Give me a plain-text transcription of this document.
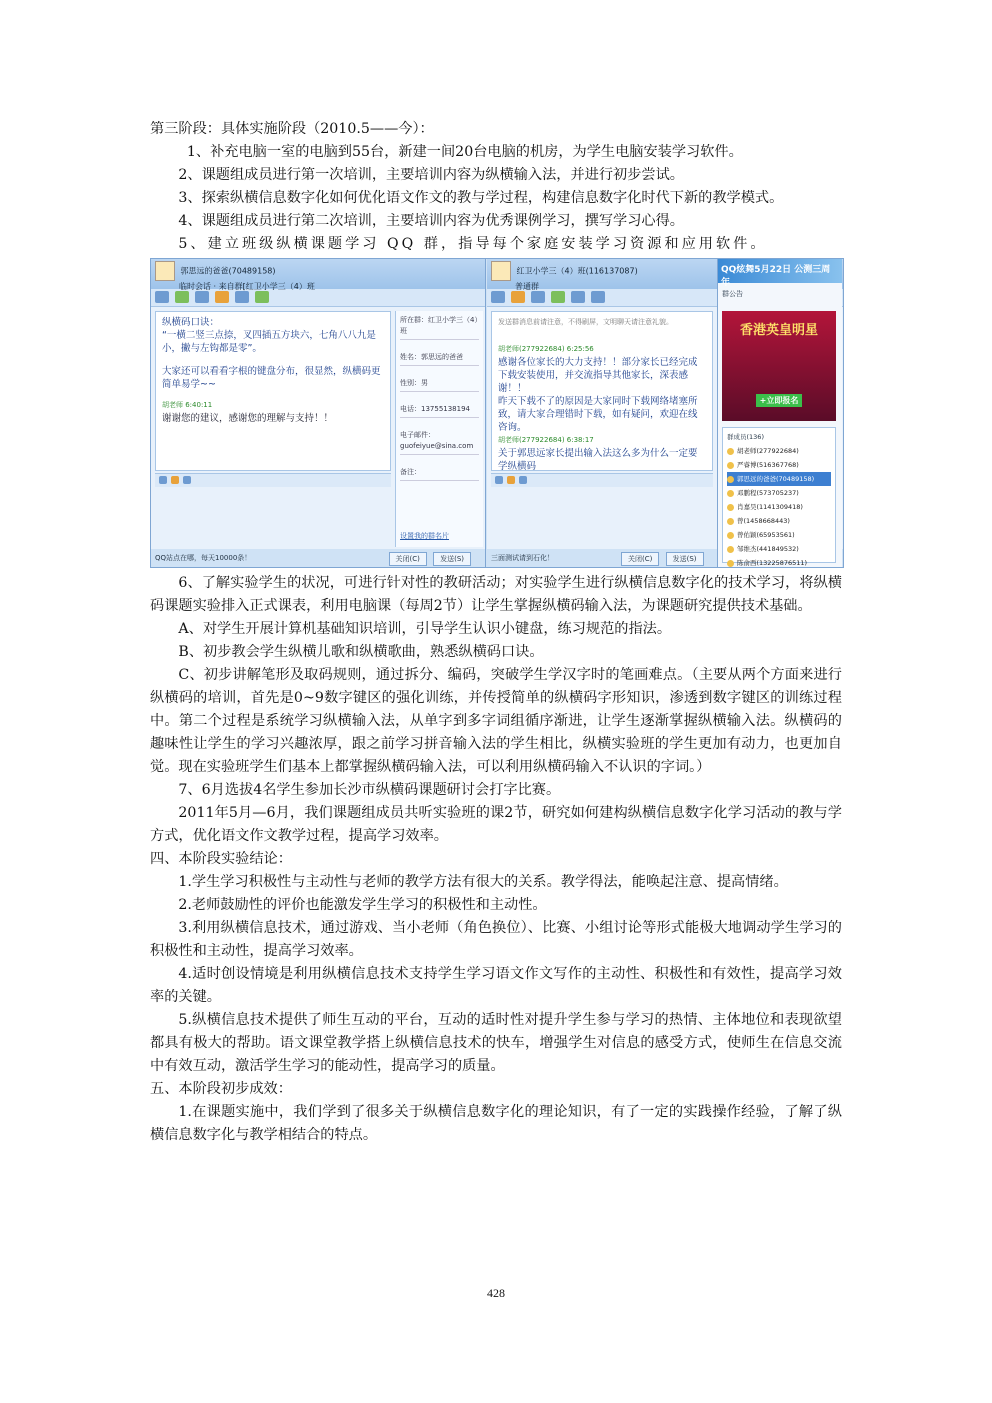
第三阶段：具体实施阶段（2010.5——今）：

1、补充电脑一室的电脑到55台，新建一间20台电脑的机房，为学生电脑安装学习软件。

2、课题组成员进行第一次培训，主要培训内容为纵横输入法，并进行初步尝试。

3、探索纵横信息数字化如何优化语文作文的教与学过程，构建信息数字化时代下新的教学模式。

4、课题组成员进行第二次培训，主要培训内容为优秀课例学习，撰写学习心得。

5、建立班级纵横课题学习 QQ 群，指导每个家庭安装学习资源和应用软件。

郭思远的爸爸(70489158)
临时会话 · 来自群[红卫小学三（4）班
纵横码口诀：
“一横二竖三点捺，叉四插五方块六，七角八八九是小，撇与左钩都是零”。
大家还可以看看字根的键盘分布，很显然，纵横码更简单易学~~
胡老师 6:40:11
谢谢您的建议，感谢您的理解与支持！！
所在群：红卫小学三（4）班
姓名：郭思远的爸爸
性别：男
电话：13755138194
电子邮件：
guofeiyue@sina.com
备注：
设置我的群名片
QQ站点在哪，每天10000条！	关闭(C)	发送(S)
红卫小学三（4）班(116137087)
普通群
发送群消息前请注意，不得刷屏，文明聊天请注意礼貌。
胡老师(277922684) 6:25:56
感谢各位家长的大力支持！！部分家长已经完成下载安装使用，并交流指导其他家长，深表感谢！！
昨天下载不了的原因是大家同时下载网络堵塞所致，请大家合理错时下载，如有疑问，欢迎在线咨询。
胡老师(277922684) 6:38:17
关于郭思远家长提出输入法这么多为什么一定要学纵横码
三面测试请到石化！	关闭(C)	发送(S)
QQ炫舞5月22日 公测三周年
群公告
香港英皇明星
+立即报名
群成员(136)
胡老师(277922684)
严睿博(516367768)
郭思远的爸爸(70489158)
邓鹏程(573705237)
肖嘉昊(1141309418)
曾(1458668443)
曾佑颖(65953561)
邹维杰(441849532)
陈俞西(13225876511)

6、了解实验学生的状况，可进行针对性的教研活动；对实验学生进行纵横信息数字化的技术学习，将纵横码课题实验排入正式课表，利用电脑课（每周2节）让学生掌握纵横码输入法，为课题研究提供技术基础。

A、对学生开展计算机基础知识培训，引导学生认识小键盘，练习规范的指法。

B、初步教会学生纵横儿歌和纵横歌曲，熟悉纵横码口诀。

C、初步讲解笔形及取码规则，通过拆分、编码，突破学生学汉字时的笔画难点。（主要从两个方面来进行纵横码的培训，首先是0~9数字键区的强化训练，并传授简单的纵横码字形知识，渗透到数字键区的训练过程中。第二个过程是系统学习纵横输入法，从单字到多字词组循序渐进，让学生逐渐掌握纵横输入法。纵横码的趣味性让学生的学习兴趣浓厚，跟之前学习拼音输入法的学生相比，纵横实验班的学生更加有动力，也更加自觉。现在实验班学生们基本上都掌握纵横码输入法，可以利用纵横码输入不认识的字词。）

7、6月选拔4名学生参加长沙市纵横码课题研讨会打字比赛。

2011年5月—6月，我们课题组成员共听实验班的课2节，研究如何建构纵横信息数字化学习活动的教与学方式，优化语文作文教学过程，提高学习效率。

四、本阶段实验结论：

1.学生学习积极性与主动性与老师的教学方法有很大的关系。教学得法，能唤起注意、提高情绪。

2.老师鼓励性的评价也能激发学生学习的积极性和主动性。

3.利用纵横信息技术，通过游戏、当小老师（角色换位）、比赛、小组讨论等形式能极大地调动学生学习的积极性和主动性，提高学习效率。

4.适时创设情境是利用纵横信息技术支持学生学习语文作文写作的主动性、积极性和有效性，提高学习效率的关键。

5.纵横信息技术提供了师生互动的平台，互动的适时性对提升学生参与学习的热情、主体地位和表现欲望都具有极大的帮助。语文课堂教学搭上纵横信息技术的快车，增强学生对信息的感受方式，使师生在信息交流中有效互动，激活学生学习的能动性，提高学习的质量。

五、本阶段初步成效：

1.在课题实施中，我们学到了很多关于纵横信息数字化的理论知识，有了一定的实践操作经验，了解了纵横信息数字化与教学相结合的特点。

428
